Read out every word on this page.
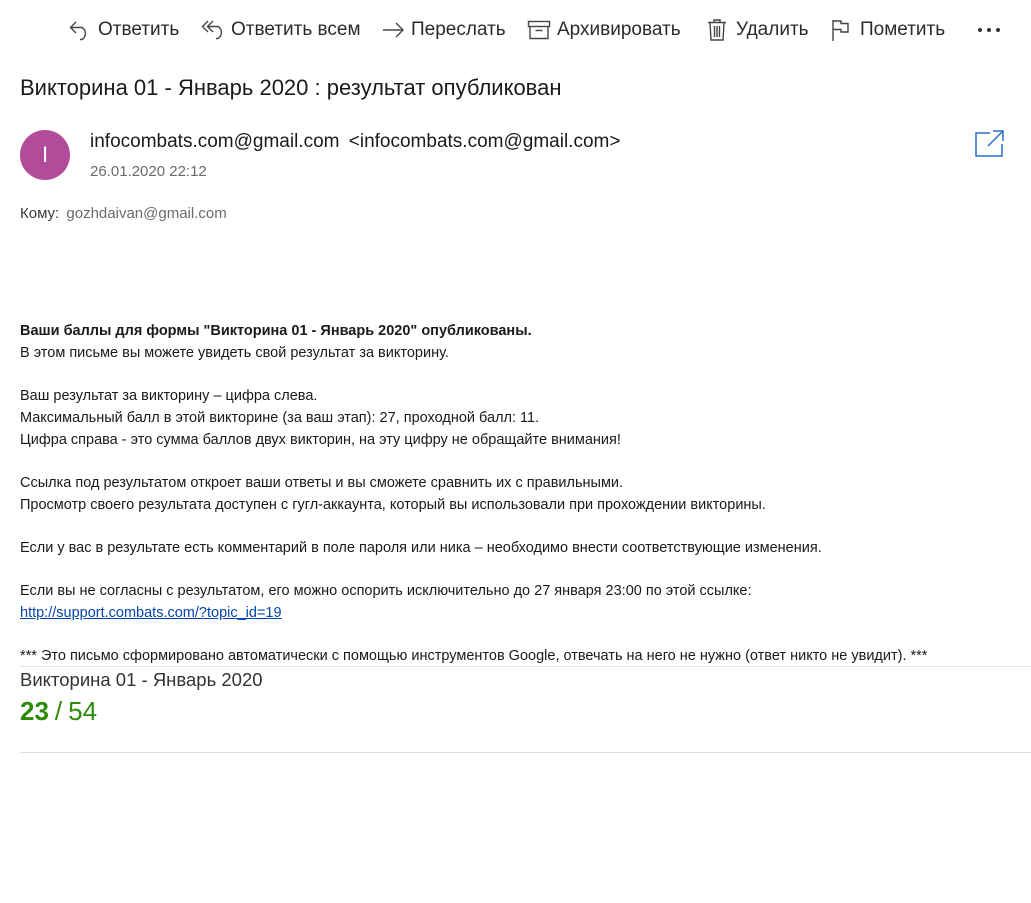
Ответить	Ответить всем	Переслать	Архивировать	Удалить	Пометить
Викторина 01 - Январь 2020 : результат опубликован
I
infocombats.com@gmail.com <infocombats.com@gmail.com>
26.01.2020 22:12
Кому: gozhdaivan@gmail.com

Ваши баллы для формы "Викторина 01 - Январь 2020" опубликованы.

В этом письме вы можете увидеть свой результат за викторину.

Ваш результат за викторину – цифра слева.

Максимальный балл в этой викторине (за ваш этап): 27, проходной балл: 11.

Цифра справа - это сумма баллов двух викторин, на эту цифру не обращайте внимания!

Ссылка под результатом откроет ваши ответы и вы сможете сравнить их с правильными.

Просмотр своего результата доступен с гугл-аккаунта, который вы использовали при прохождении викторины.

Если у вас в результате есть комментарий в поле пароля или ника – необходимо внести соответствующие изменения.

Если вы не согласны с результатом, его можно оспорить исключительно до 27 января 23:00 по этой ссылке:

http://support.combats.com/?topic_id=19

*** Это письмо сформировано автоматически с помощью инструментов Google, отвечать на него не нужно (ответ никто не увидит). ***

Викторина 01 - Январь 2020
23 / 54
